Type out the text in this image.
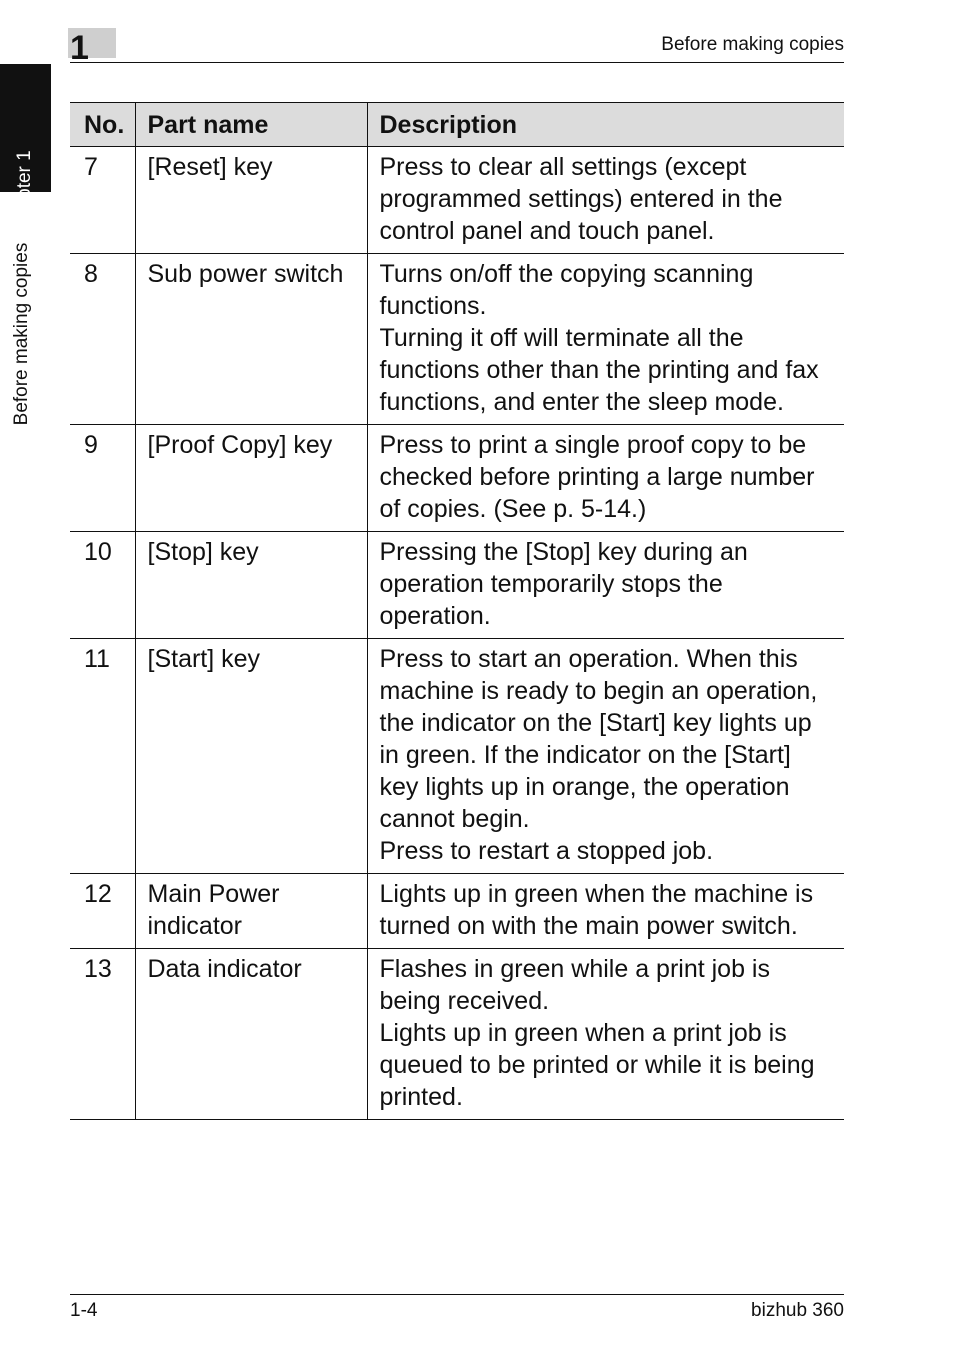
Chapter 1
Before making copies
1	Before making copies
No.	Part name	Description
7	[Reset] key	Press to clear all settings (except programmed settings) entered in the control panel and touch panel.

8	Sub power switch	Turns on/off the copying scanning functions.
Turning it off will terminate all the functions other than the printing and fax functions, and enter the sleep mode.

9	[Proof Copy] key	Press to print a single proof copy to be checked before printing a large number of copies. (See p. 5-14.)

10	[Stop] key	Pressing the [Stop] key during an operation temporarily stops the operation.

11	[Start] key	Press to start an operation. When this machine is ready to begin an operation, the indicator on the [Start] key lights up in green. If the indicator on the [Start] key lights up in orange, the operation cannot begin.
Press to restart a stopped job.

12	Main Power indicator	Lights up in green when the machine is turned on with the main power switch.

13	Data indicator	Flashes in green while a print job is being received.
Lights up in green when a print job is queued to be printed or while it is being printed.
1-4	bizhub 360
